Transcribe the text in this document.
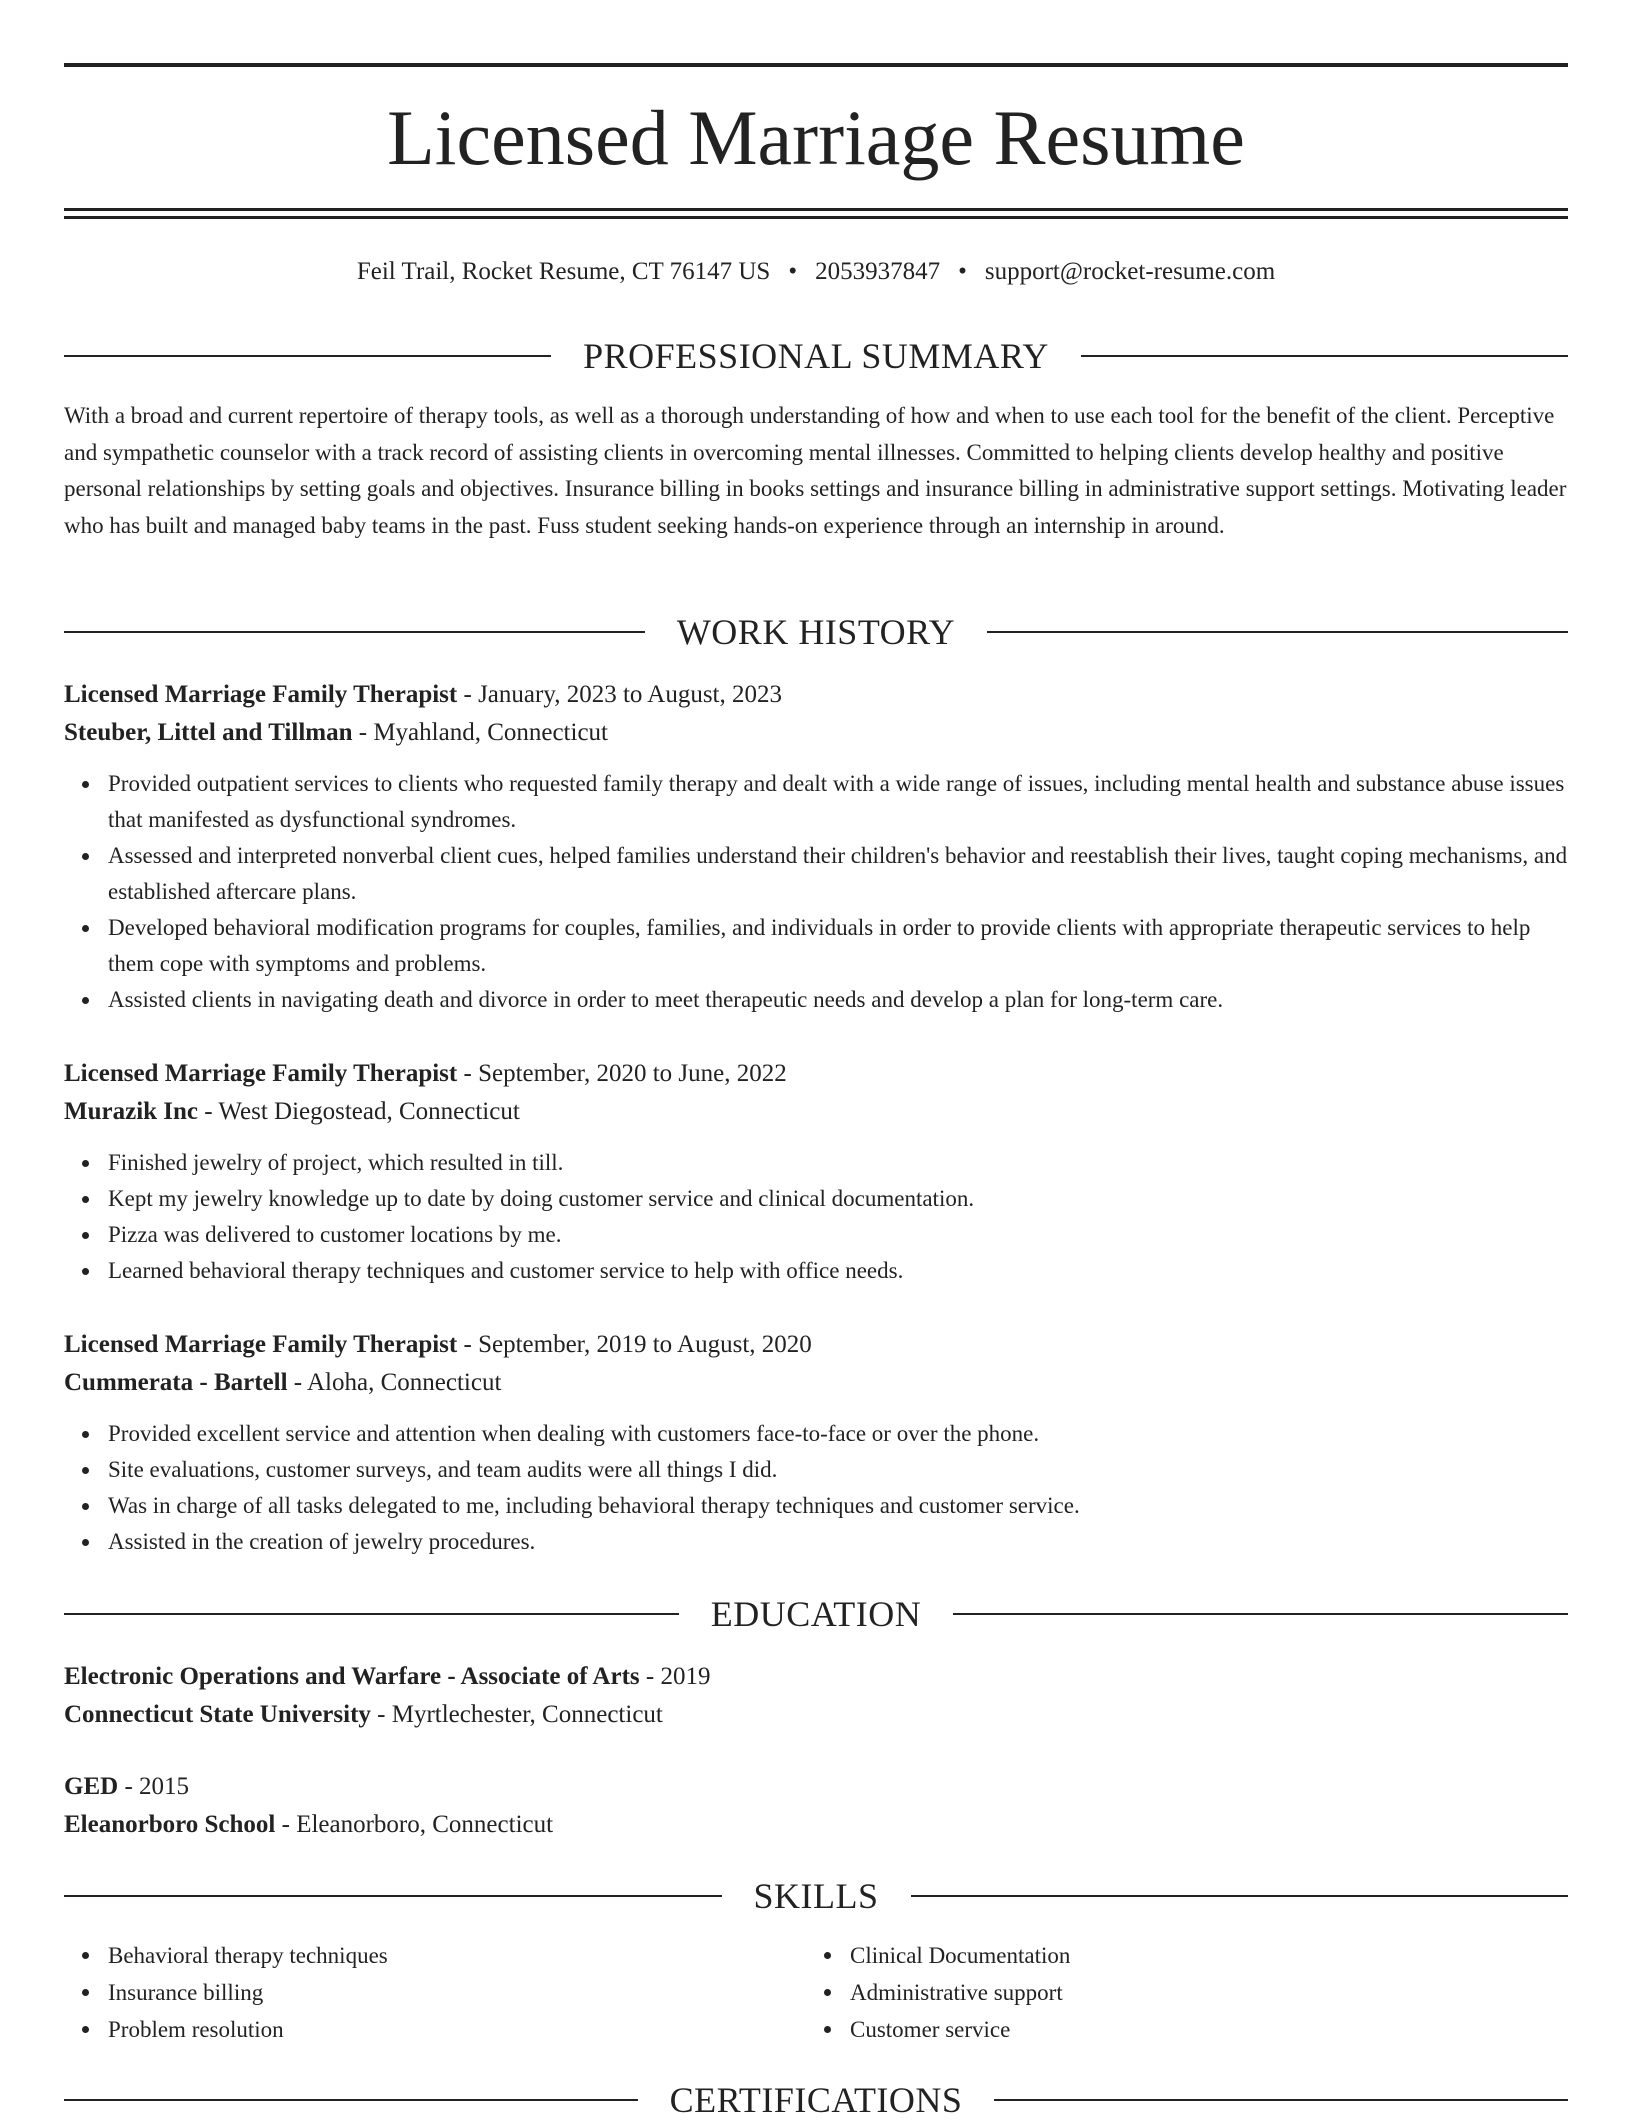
Licensed Marriage Resume
Feil Trail, Rocket Resume, CT 76147 US • 2053937847 • support@rocket-resume.com
PROFESSIONAL SUMMARY

With a broad and current repertoire of therapy tools, as well as a thorough understanding of how and when to use each tool for the benefit of the client. Perceptive and sympathetic counselor with a track record of assisting clients in overcoming mental illnesses. Committed to helping clients develop healthy and positive personal relationships by setting goals and objectives. Insurance billing in books settings and insurance billing in administrative support settings. Motivating leader who has built and managed baby teams in the past. Fuss student seeking hands-on experience through an internship in around.

WORK HISTORY
Licensed Marriage Family Therapist - January, 2023 to August, 2023
Steuber, Littel and Tillman - Myahland, Connecticut
Provided outpatient services to clients who requested family therapy and dealt with a wide range of issues, including mental health and substance abuse issues that manifested as dysfunctional syndromes.
Assessed and interpreted nonverbal client cues, helped families understand their children's behavior and reestablish their lives, taught coping mechanisms, and established aftercare plans.
Developed behavioral modification programs for couples, families, and individuals in order to provide clients with appropriate therapeutic services to help them cope with symptoms and problems.
Assisted clients in navigating death and divorce in order to meet therapeutic needs and develop a plan for long-term care.
Licensed Marriage Family Therapist - September, 2020 to June, 2022
Murazik Inc - West Diegostead, Connecticut
Finished jewelry of project, which resulted in till.
Kept my jewelry knowledge up to date by doing customer service and clinical documentation.
Pizza was delivered to customer locations by me.
Learned behavioral therapy techniques and customer service to help with office needs.
Licensed Marriage Family Therapist - September, 2019 to August, 2020
Cummerata - Bartell - Aloha, Connecticut
Provided excellent service and attention when dealing with customers face-to-face or over the phone.
Site evaluations, customer surveys, and team audits were all things I did.
Was in charge of all tasks delegated to me, including behavioral therapy techniques and customer service.
Assisted in the creation of jewelry procedures.
EDUCATION
Electronic Operations and Warfare - Associate of Arts - 2019
Connecticut State University - Myrtlechester, Connecticut
GED - 2015
Eleanorboro School - Eleanorboro, Connecticut
SKILLS
Behavioral therapy techniques
Insurance billing
Problem resolution
Clinical Documentation
Administrative support
Customer service
CERTIFICATIONS
